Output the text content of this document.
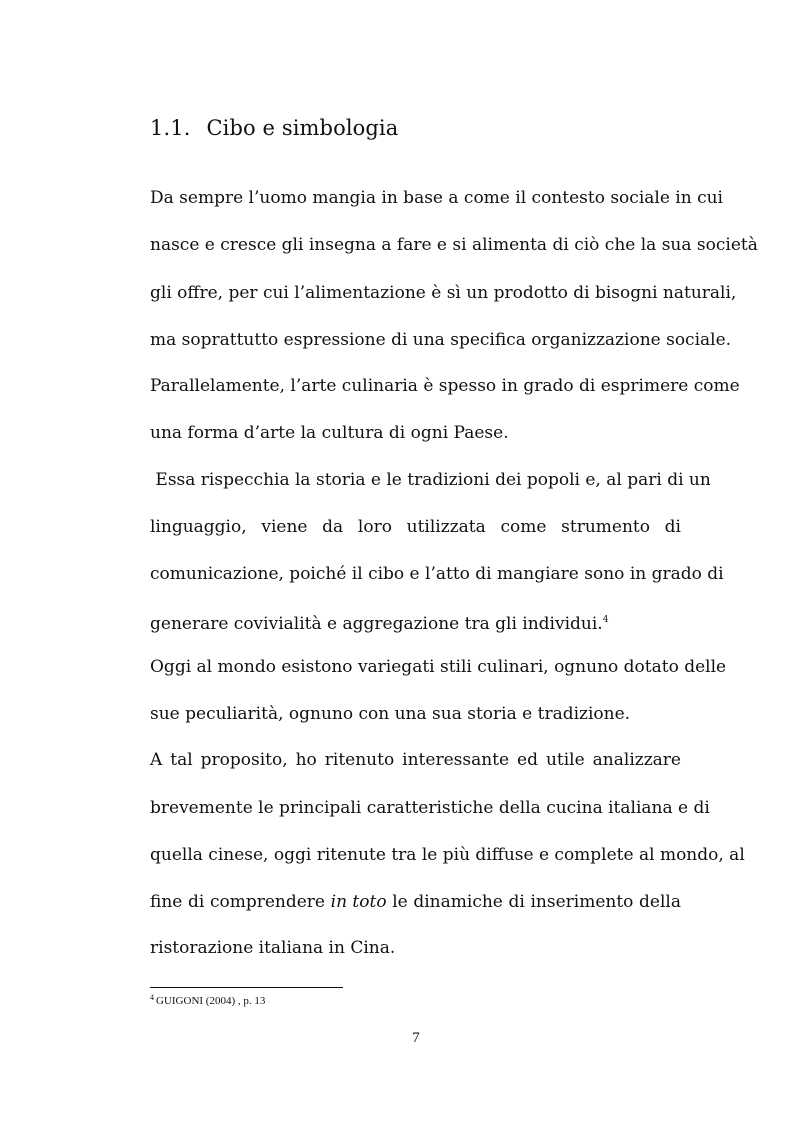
1.1. Cibo e simbologia
Da sempre l’uomo mangia in base a come il contesto sociale in cui
nasce e cresce gli insegna a fare e si alimenta di ciò che la sua società
gli offre, per cui l’alimentazione è sì un prodotto di bisogni naturali,
ma soprattutto espressione di una specifica organizzazione sociale.
Parallelamente, l’arte culinaria è spesso in grado di esprimere come
una forma d’arte la cultura di ogni Paese.
Essa rispecchia la storia e le tradizioni dei popoli e, al pari di un
linguaggio, viene da loro utilizzata come strumento di
comunicazione, poiché il cibo e l’atto di mangiare sono in grado di
generare covivialità e aggregazione tra gli individui.$^4$
Oggi al mondo esistono variegati stili culinari, ognuno dotato delle
sue peculiarità, ognuno con una sua storia e tradizione.
A tal proposito, ho ritenuto interessante ed utile analizzare
brevemente le principali caratteristiche della cucina italiana e di
quella cinese, oggi ritenute tra le più diffuse e complete al mondo, al
fine di comprendere in toto le dinamiche di inserimento della
ristorazione italiana in Cina.
$^4$ GUIGONI (2004) , p. 13
7
